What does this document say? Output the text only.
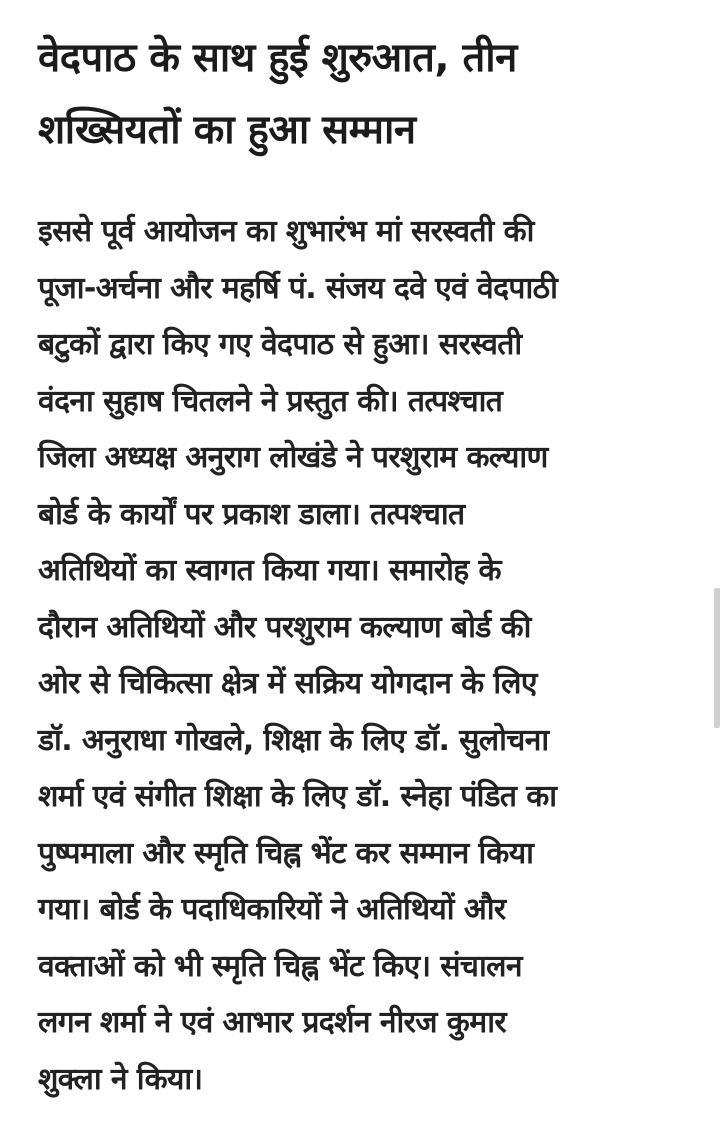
वेदपाठ के साथ हुई शुरुआत, तीन
शख्सियतों का हुआ सम्मान
इससे पूर्व आयोजन का शुभारंभ मां सरस्वती की
पूजा-अर्चना और महर्षि पं. संजय दवे एवं वेदपाठी
बटुकों द्वारा किए गए वेदपाठ से हुआ। सरस्वती
वंदना सुहाष चितलने ने प्रस्तुत की। तत्पश्चात
जिला अध्यक्ष अनुराग लोखंडे ने परशुराम कल्याण
बोर्ड के कार्यों पर प्रकाश डाला। तत्पश्चात
अतिथियों का स्वागत किया गया। समारोह के
दौरान अतिथियों और परशुराम कल्याण बोर्ड की
ओर से चिकित्सा क्षेत्र में सक्रिय योगदान के लिए
डॉ. अनुराधा गोखले, शिक्षा के लिए डॉ. सुलोचना
शर्मा एवं संगीत शिक्षा के लिए डॉ. स्नेहा पंडित का
पुष्पमाला और स्मृति चिह्न भेंट कर सम्मान किया
गया। बोर्ड के पदाधिकारियों ने अतिथियों और
वक्ताओं को भी स्मृति चिह्न भेंट किए। संचालन
लगन शर्मा ने एवं आभार प्रदर्शन नीरज कुमार
शुक्ला ने किया।
